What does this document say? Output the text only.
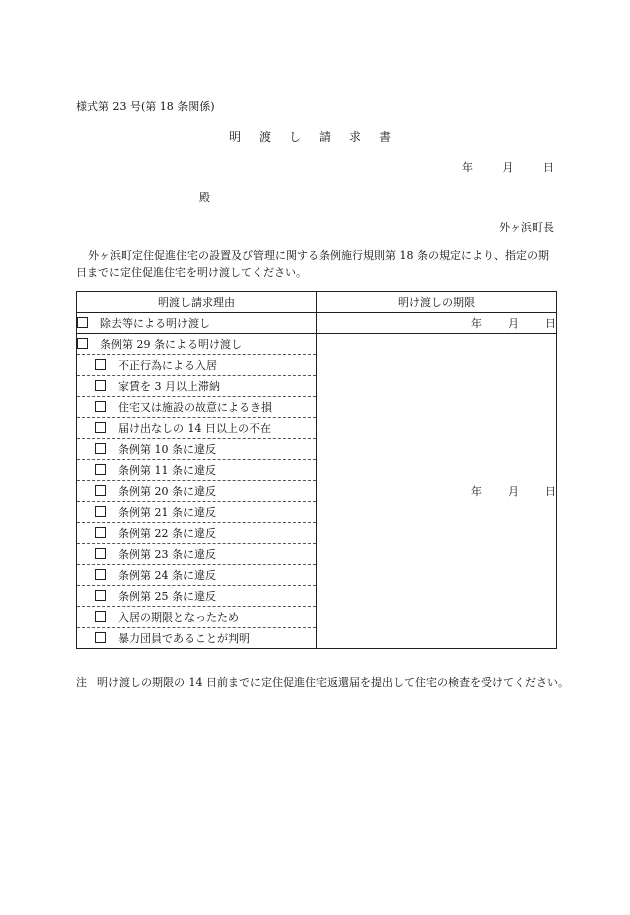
様式第 23 号(第 18 条関係)
明渡し請求書
年	月	日
殿
外ヶ浜町長
外ヶ浜町定住促進住宅の設置及び管理に関する条例施行規則第 18 条の規定により、指定の期日までに定住促進住宅を明け渡してください。
明渡し請求理由	明け渡しの期限
除去等による明け渡し	年 月 日
条例第 29 条による明け渡し	年 月 日
不正行為による入居	
家賃を 3 月以上滞納	
住宅又は施設の故意によるき損	
届け出なしの 14 日以上の不在	
条例第 10 条に違反	
条例第 11 条に違反	
条例第 20 条に違反	
条例第 21 条に違反	
条例第 22 条に違反	
条例第 23 条に違反	
条例第 24 条に違反	
条例第 25 条に違反	
入居の期限となったため	
暴力団員であることが判明	
注 明け渡しの期限の 14 日前までに定住促進住宅返還届を提出して住宅の検査を受けてください。
